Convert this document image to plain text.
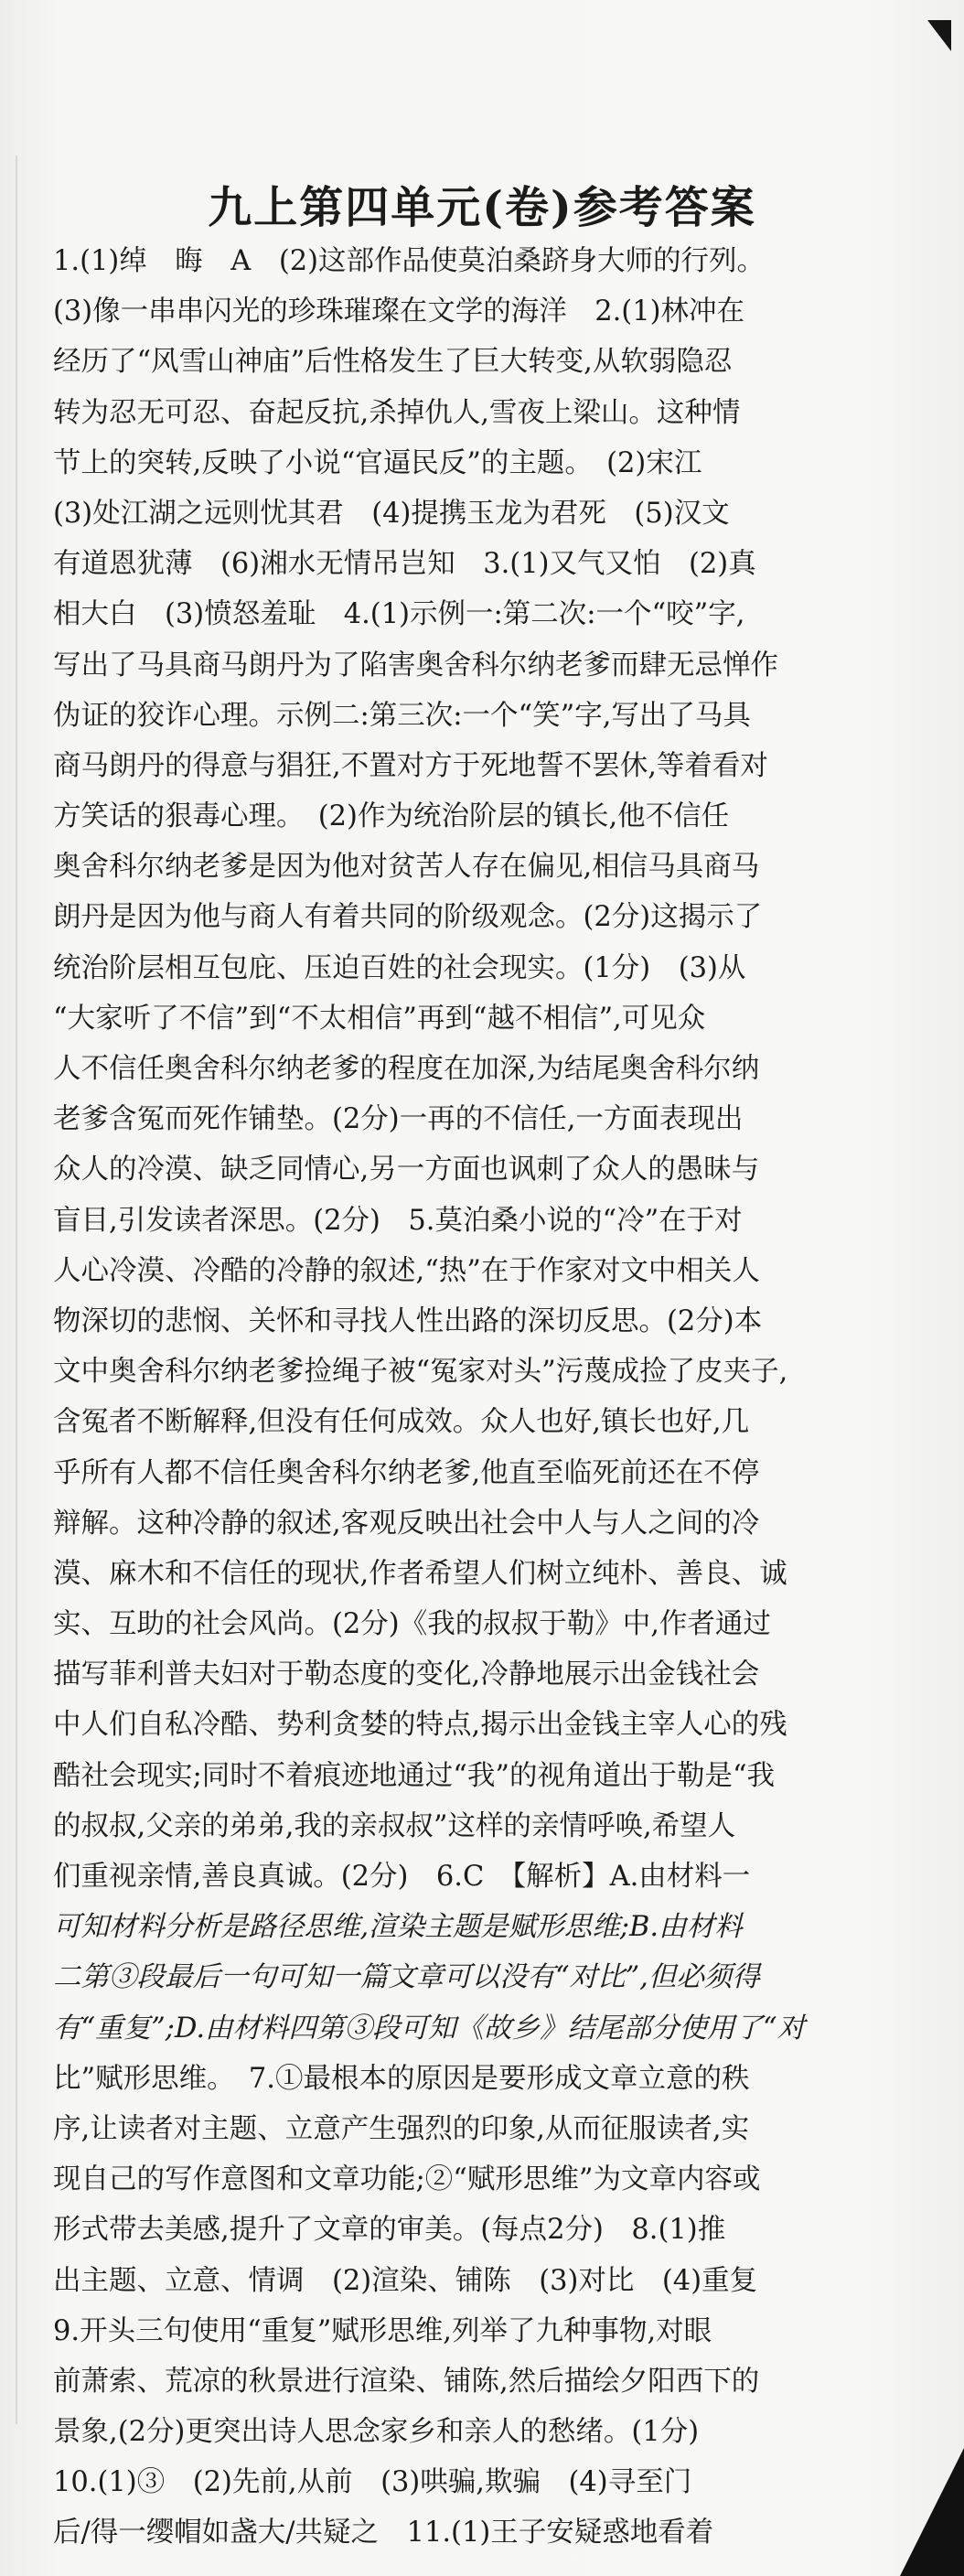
九上第四单元(卷)参考答案
1.(1)绰　晦　A　(2)这部作品使莫泊桑跻身大师的行列。
(3)像一串串闪光的珍珠璀璨在文学的海洋　2.(1)林冲在
经历了“风雪山神庙”后性格发生了巨大转变,从软弱隐忍
转为忍无可忍、奋起反抗,杀掉仇人,雪夜上梁山。这种情
节上的突转,反映了小说“官逼民反”的主题。　(2)宋江
(3)处江湖之远则忧其君　(4)提携玉龙为君死　(5)汉文
有道恩犹薄　(6)湘水无情吊岂知　3.(1)又气又怕　(2)真
相大白　(3)愤怒羞耻　4.(1)示例一:第二次:一个“咬”字,
写出了马具商马朗丹为了陷害奥舍科尔纳老爹而肆无忌惮作
伪证的狡诈心理。示例二:第三次:一个“笑”字,写出了马具
商马朗丹的得意与猖狂,不置对方于死地誓不罢休,等着看对
方笑话的狠毒心理。　(2)作为统治阶层的镇长,他不信任
奥舍科尔纳老爹是因为他对贫苦人存在偏见,相信马具商马
朗丹是因为他与商人有着共同的阶级观念。(2分)这揭示了
统治阶层相互包庇、压迫百姓的社会现实。(1分)　(3)从
“大家听了不信”到“不太相信”再到“越不相信”,可见众
人不信任奥舍科尔纳老爹的程度在加深,为结尾奥舍科尔纳
老爹含冤而死作铺垫。(2分)一再的不信任,一方面表现出
众人的冷漠、缺乏同情心,另一方面也讽刺了众人的愚昧与
盲目,引发读者深思。(2分)　5.莫泊桑小说的“冷”在于对
人心冷漠、冷酷的冷静的叙述,“热”在于作家对文中相关人
物深切的悲悯、关怀和寻找人性出路的深切反思。(2分)本
文中奥舍科尔纳老爹捡绳子被“冤家对头”污蔑成捡了皮夹子,
含冤者不断解释,但没有任何成效。众人也好,镇长也好,几
乎所有人都不信任奥舍科尔纳老爹,他直至临死前还在不停
辩解。这种冷静的叙述,客观反映出社会中人与人之间的冷
漠、麻木和不信任的现状,作者希望人们树立纯朴、善良、诚
实、互助的社会风尚。(2分)《我的叔叔于勒》中,作者通过
描写菲利普夫妇对于勒态度的变化,冷静地展示出金钱社会
中人们自私冷酷、势利贪婪的特点,揭示出金钱主宰人心的残
酷社会现实;同时不着痕迹地通过“我”的视角道出于勒是“我
的叔叔,父亲的弟弟,我的亲叔叔”这样的亲情呼唤,希望人
们重视亲情,善良真诚。(2分)　6.C　【解析】A.由材料一
可知材料分析是路径思维,渲染主题是赋形思维;B.由材料
二第③段最后一句可知一篇文章可以没有“对比”,但必须得
有“重复”;D.由材料四第③段可知《故乡》结尾部分使用了“对
比”赋形思维。　7.①最根本的原因是要形成文章立意的秩
序,让读者对主题、立意产生强烈的印象,从而征服读者,实
现自己的写作意图和文章功能;②“赋形思维”为文章内容或
形式带去美感,提升了文章的审美。(每点2分)　8.(1)推
出主题、立意、情调　(2)渲染、铺陈　(3)对比　(4)重复
9.开头三句使用“重复”赋形思维,列举了九种事物,对眼
前萧索、荒凉的秋景进行渲染、铺陈,然后描绘夕阳西下的
景象,(2分)更突出诗人思念家乡和亲人的愁绪。(1分)
10.(1)③　(2)先前,从前　(3)哄骗,欺骗　(4)寻至门
后/得一缨帽如盏大/共疑之　11.(1)王子安疑惑地看着
